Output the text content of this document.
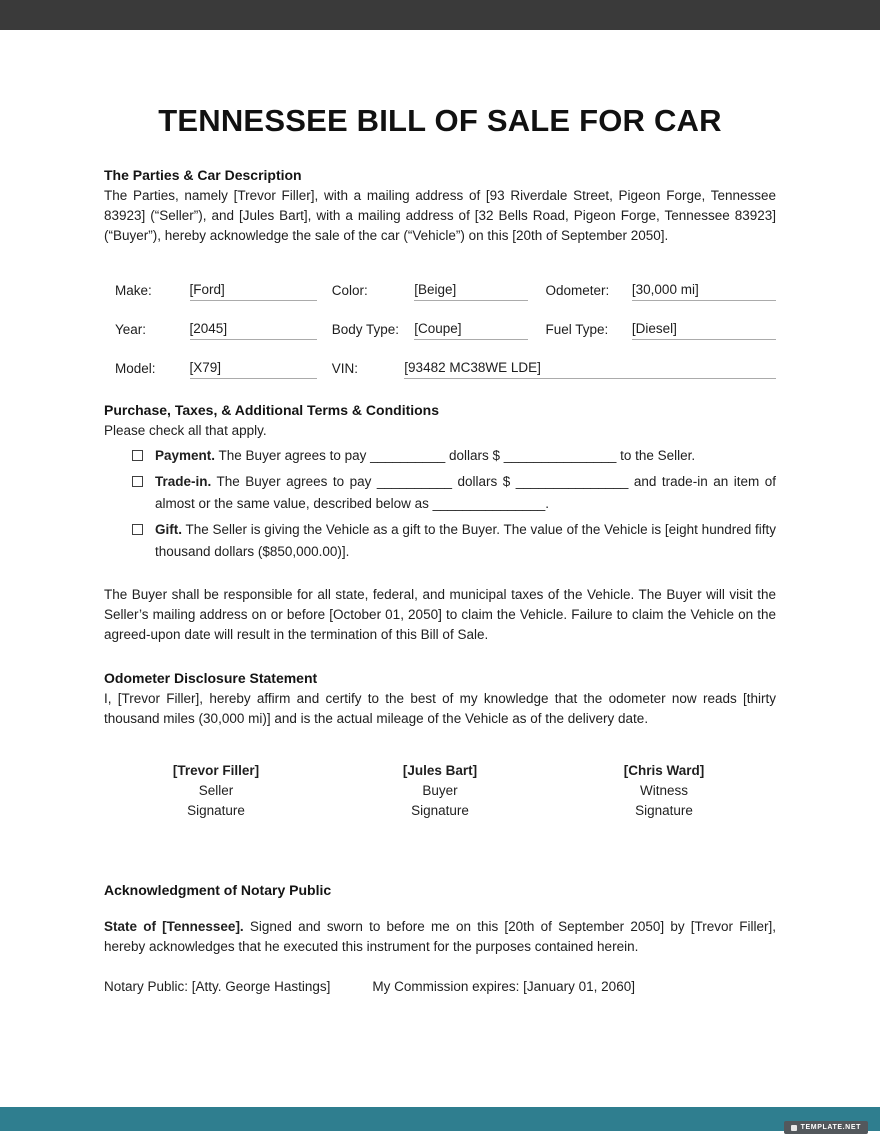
TENNESSEE BILL OF SALE FOR CAR
The Parties & Car Description

The Parties, namely [Trevor Filler], with a mailing address of [93 Riverdale Street, Pigeon Forge, Tennessee 83923] (“Seller”), and [Jules Bart], with a mailing address of [32 Bells Road, Pigeon Forge, Tennessee 83923] (“Buyer”), hereby acknowledge the sale of the car (“Vehicle”) on this [20th of September 2050].

Make:	[Ford]	Color:	[Beige]	Odometer:	[30,000 mi]
Year:	[2045]	Body Type:	[Coupe]	Fuel Type:	[Diesel]
Model:	[X79]	VIN:	[93482 MC38WE LDE]
Purchase, Taxes, & Additional Terms & Conditions

Please check all that apply.

Payment. The Buyer agrees to pay __________ dollars $ _______________ to the Seller.
Trade-in. The Buyer agrees to pay __________ dollars $ _______________ and trade-in an item of almost or the same value, described below as _______________.
Gift. The Seller is giving the Vehicle as a gift to the Buyer. The value of the Vehicle is [eight hundred fifty thousand dollars ($850,000.00)].

The Buyer shall be responsible for all state, federal, and municipal taxes of the Vehicle. The Buyer will visit the Seller’s mailing address on or before [October 01, 2050] to claim the Vehicle. Failure to claim the Vehicle on the agreed-upon date will result in the termination of this Bill of Sale.

Odometer Disclosure Statement

I, [Trevor Filler], hereby affirm and certify to the best of my knowledge that the odometer now reads [thirty thousand miles (30,000 mi)] and is the actual mileage of the Vehicle as of the delivery date.

[Trevor Filler]
Seller
Signature
[Jules Bart]
Buyer
Signature
[Chris Ward]
Witness
Signature
Acknowledgment of Notary Public

State of [Tennessee]. Signed and sworn to before me on this [20th of September 2050] by [Trevor Filler], hereby acknowledges that he executed this instrument for the purposes contained herein.

Notary Public: [Atty. George Hastings]	My Commission expires: [January 01, 2060]
TEMPLATE.NET
